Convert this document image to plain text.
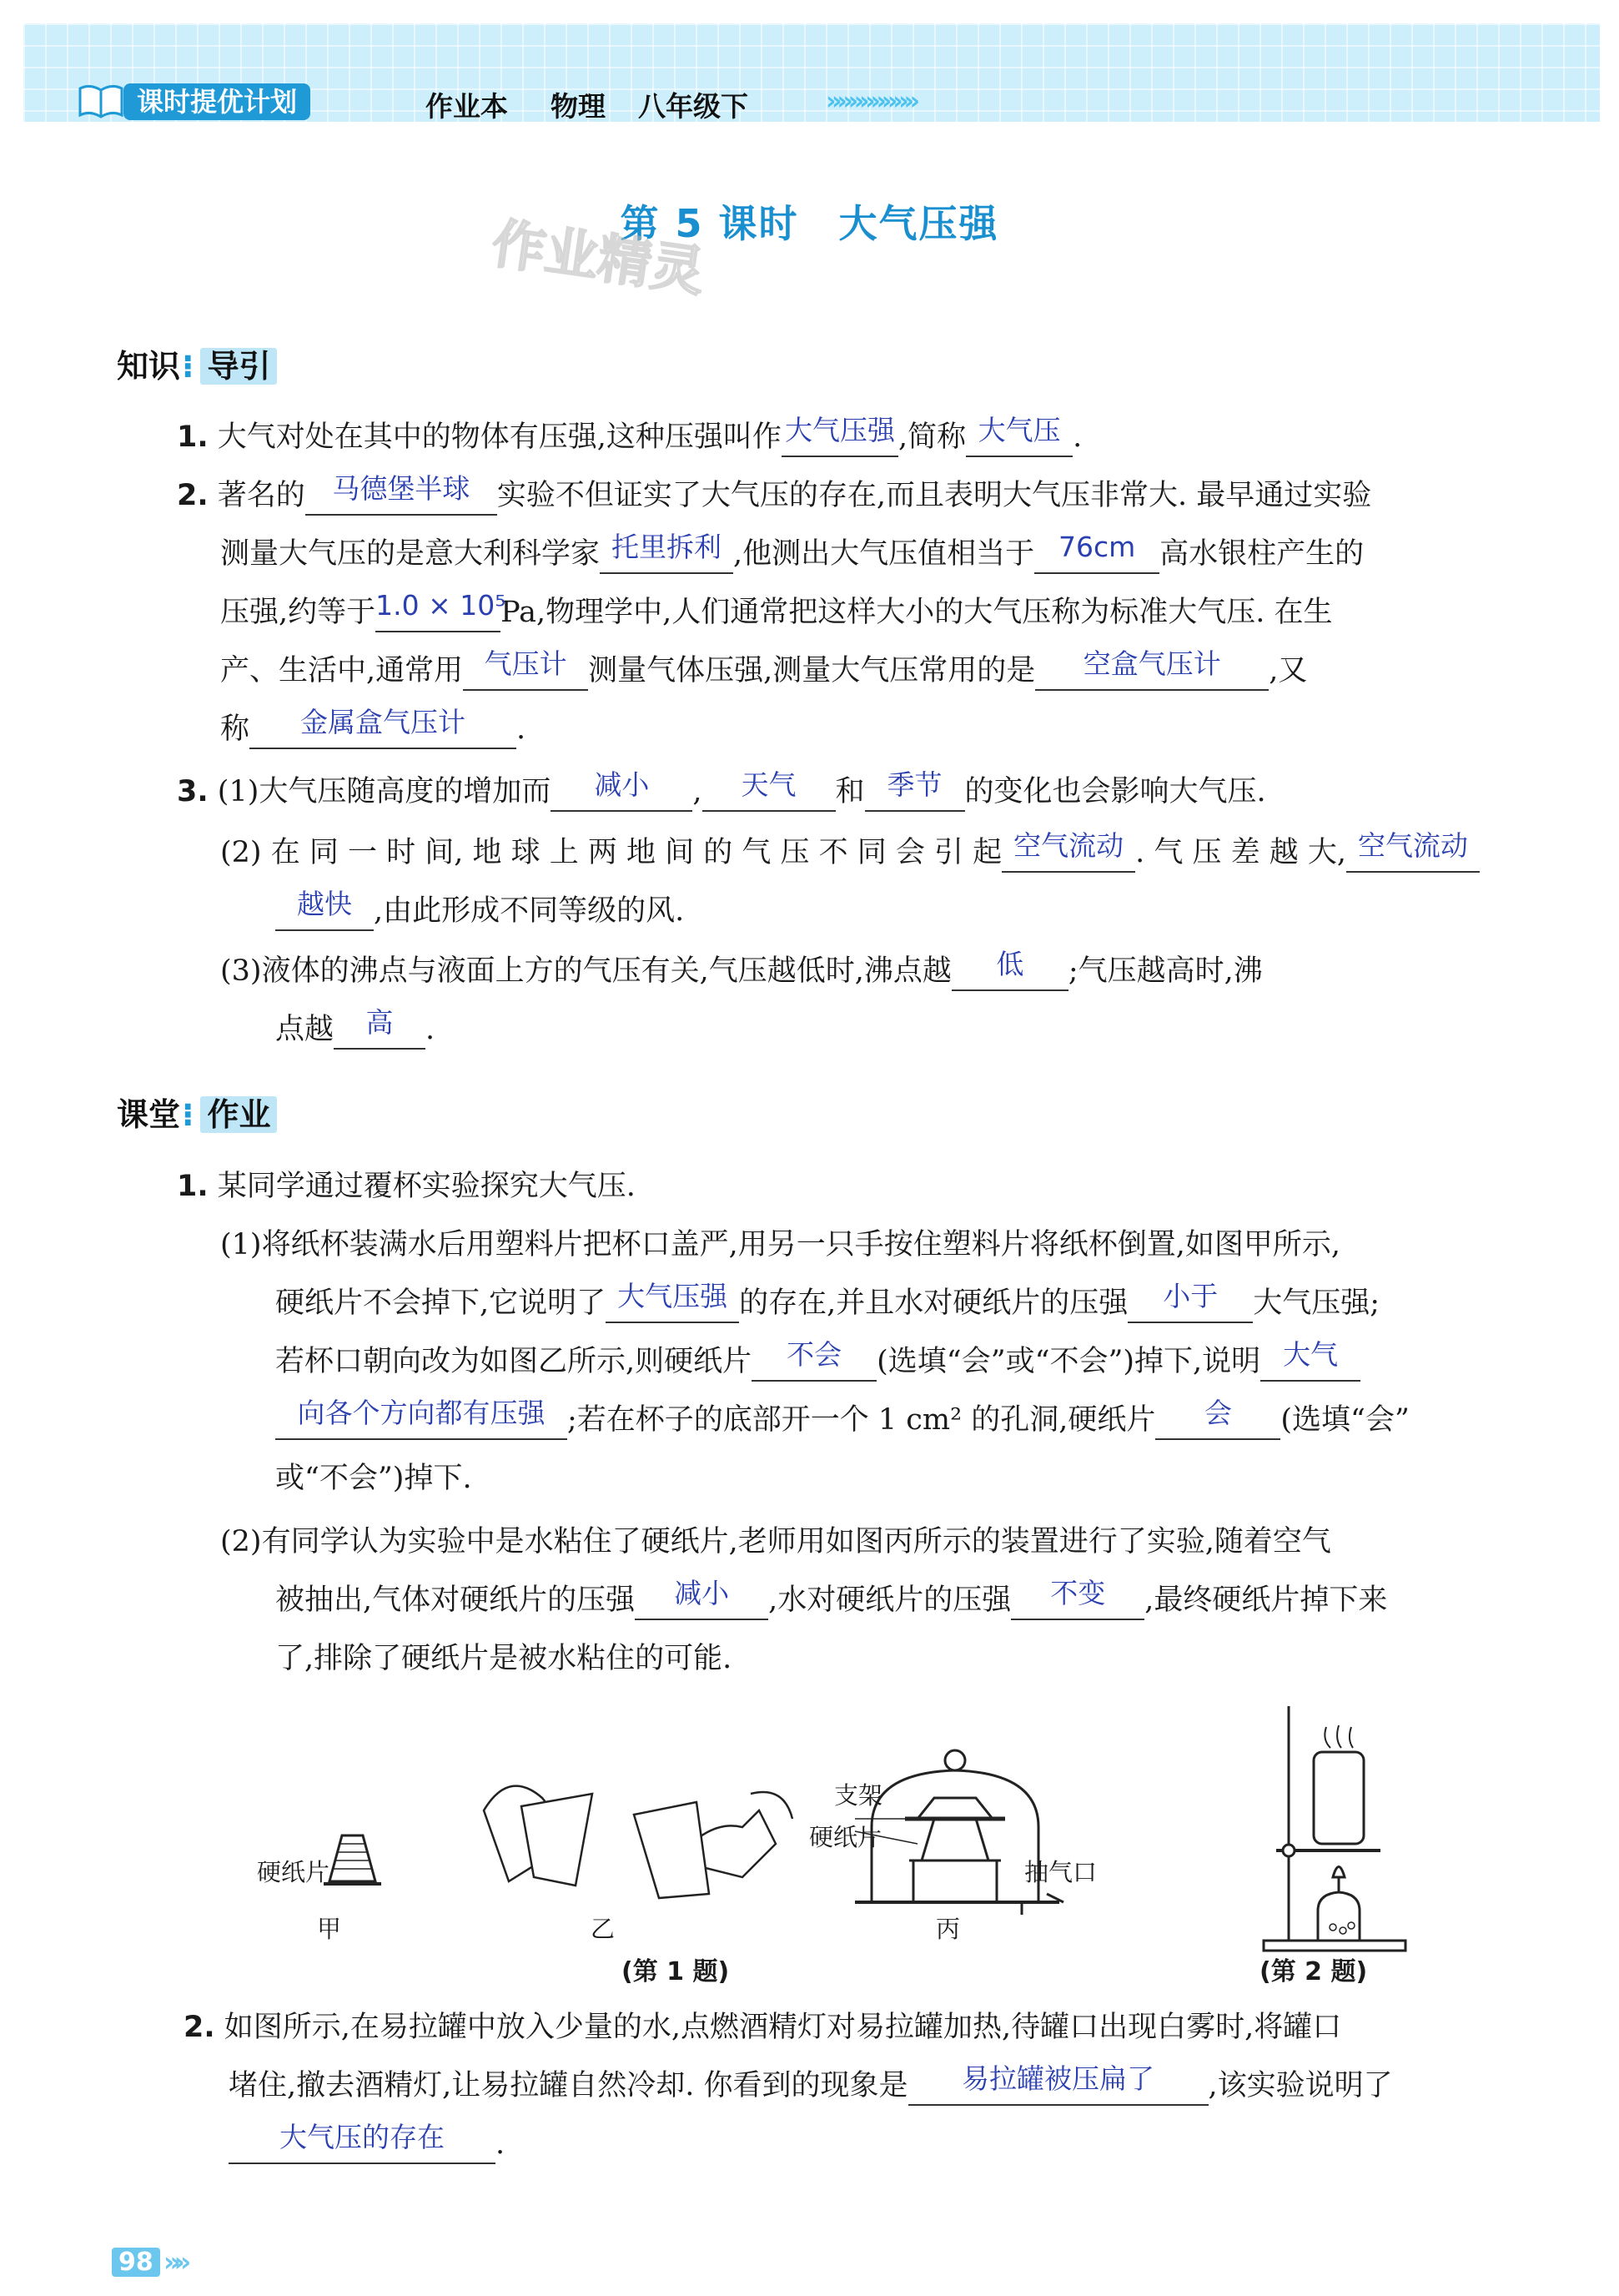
课时提优计划	作业本 物理 八年级下	»»»»»»»»
第 5 课时　大气压强
作业精灵
知识⁝ 导引
1. 大气对处在其中的物体有压强,这种压强叫作 大气压强 ,简称 大气压 .
2. 著名的 马德堡半球 实验不但证实了大气压的存在,而且表明大气压非常大. 最早通过实验
测量大气压的是意大利科学家 托里拆利 ,他测出大气压值相当于 76cm 高水银柱产生的
压强,约等于 1.0 × 10⁵
Pa,物理学中,人们通常把这样大小的大气压称为标准大气压. 在生
产、生活中,通常用 气压计 测量气体压强,测量大气压常用的是	空盒气压计	,又
称	金属盒气压计	.
3. (1)大气压随高度的增加而	减小	,	天气	和 季节 的变化也会影响大气压.
(2) 在 同 一 时 间, 地 球 上 两 地 间 的 气 压 不 同 会 引 起 空气流动 . 气 压 差 越 大, 空气流动
越快 ,由此形成不同等级的风.
(3)液体的沸点与液面上方的气压有关,气压越低时,沸点越	低	;气压越高时,沸
点越	高	.
课堂⁝ 作业
1. 某同学通过覆杯实验探究大气压.
(1)将纸杯装满水后用塑料片把杯口盖严,用另一只手按住塑料片将纸杯倒置,如图甲所示,
硬纸片不会掉下,它说明了 大气压强 的存在,并且水对硬纸片的压强	小于	大气压强;
若杯口朝向改为如图乙所示,则硬纸片	不会	(选填“会”或“不会”)掉下,说明 大气
向各个方向都有压强 ;若在杯子的底部开一个 1 cm² 的孔洞,硬纸片	会	(选填“会”
或“不会”)掉下.
(2)有同学认为实验中是水粘住了硬纸片,老师用如图丙所示的装置进行了实验,随着空气
被抽出,气体对硬纸片的压强	减小	,水对硬纸片的压强	不变	,最终硬纸片掉下来
了,排除了硬纸片是被水粘住的可能.
硬纸片
甲	乙	丙
支架
硬纸片
抽气口
(第 1 题)	(第 2 题)
2. 如图所示,在易拉罐中放入少量的水,点燃酒精灯对易拉罐加热,待罐口出现白雾时,将罐口
堵住,撤去酒精灯,让易拉罐自然冷却. 你看到的现象是	易拉罐被压扁了	,该实验说明了
大气压的存在	.
98 »»
